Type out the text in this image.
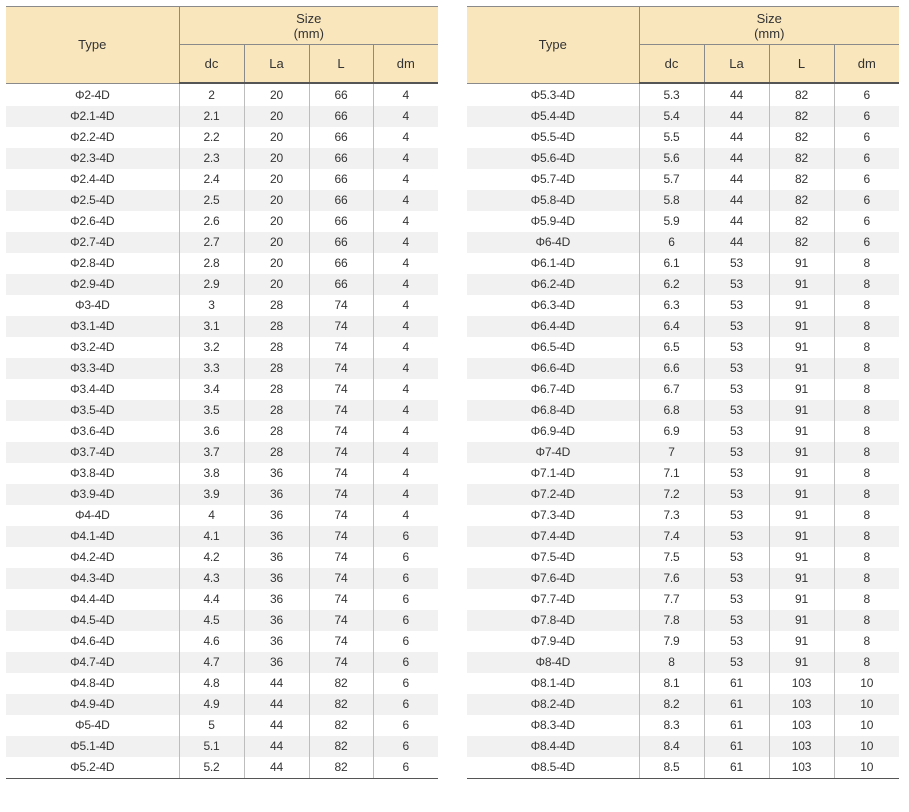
Type	Size
(mm)			
	dc	La	L	dm
Φ2-4D	2	20	66	4
Φ2.1-4D	2.1	20	66	4
Φ2.2-4D	2.2	20	66	4
Φ2.3-4D	2.3	20	66	4
Φ2.4-4D	2.4	20	66	4
Φ2.5-4D	2.5	20	66	4
Φ2.6-4D	2.6	20	66	4
Φ2.7-4D	2.7	20	66	4
Φ2.8-4D	2.8	20	66	4
Φ2.9-4D	2.9	20	66	4
Φ3-4D	3	28	74	4
Φ3.1-4D	3.1	28	74	4
Φ3.2-4D	3.2	28	74	4
Φ3.3-4D	3.3	28	74	4
Φ3.4-4D	3.4	28	74	4
Φ3.5-4D	3.5	28	74	4
Φ3.6-4D	3.6	28	74	4
Φ3.7-4D	3.7	28	74	4
Φ3.8-4D	3.8	36	74	4
Φ3.9-4D	3.9	36	74	4
Φ4-4D	4	36	74	4
Φ4.1-4D	4.1	36	74	6
Φ4.2-4D	4.2	36	74	6
Φ4.3-4D	4.3	36	74	6
Φ4.4-4D	4.4	36	74	6
Φ4.5-4D	4.5	36	74	6
Φ4.6-4D	4.6	36	74	6
Φ4.7-4D	4.7	36	74	6
Φ4.8-4D	4.8	44	82	6
Φ4.9-4D	4.9	44	82	6
Φ5-4D	5	44	82	6
Φ5.1-4D	5.1	44	82	6
Φ5.2-4D	5.2	44	82	6
Type	Size
(mm)			
	dc	La	L	dm
Φ5.3-4D	5.3	44	82	6
Φ5.4-4D	5.4	44	82	6
Φ5.5-4D	5.5	44	82	6
Φ5.6-4D	5.6	44	82	6
Φ5.7-4D	5.7	44	82	6
Φ5.8-4D	5.8	44	82	6
Φ5.9-4D	5.9	44	82	6
Φ6-4D	6	44	82	6
Φ6.1-4D	6.1	53	91	8
Φ6.2-4D	6.2	53	91	8
Φ6.3-4D	6.3	53	91	8
Φ6.4-4D	6.4	53	91	8
Φ6.5-4D	6.5	53	91	8
Φ6.6-4D	6.6	53	91	8
Φ6.7-4D	6.7	53	91	8
Φ6.8-4D	6.8	53	91	8
Φ6.9-4D	6.9	53	91	8
Φ7-4D	7	53	91	8
Φ7.1-4D	7.1	53	91	8
Φ7.2-4D	7.2	53	91	8
Φ7.3-4D	7.3	53	91	8
Φ7.4-4D	7.4	53	91	8
Φ7.5-4D	7.5	53	91	8
Φ7.6-4D	7.6	53	91	8
Φ7.7-4D	7.7	53	91	8
Φ7.8-4D	7.8	53	91	8
Φ7.9-4D	7.9	53	91	8
Φ8-4D	8	53	91	8
Φ8.1-4D	8.1	61	103	10
Φ8.2-4D	8.2	61	103	10
Φ8.3-4D	8.3	61	103	10
Φ8.4-4D	8.4	61	103	10
Φ8.5-4D	8.5	61	103	10
